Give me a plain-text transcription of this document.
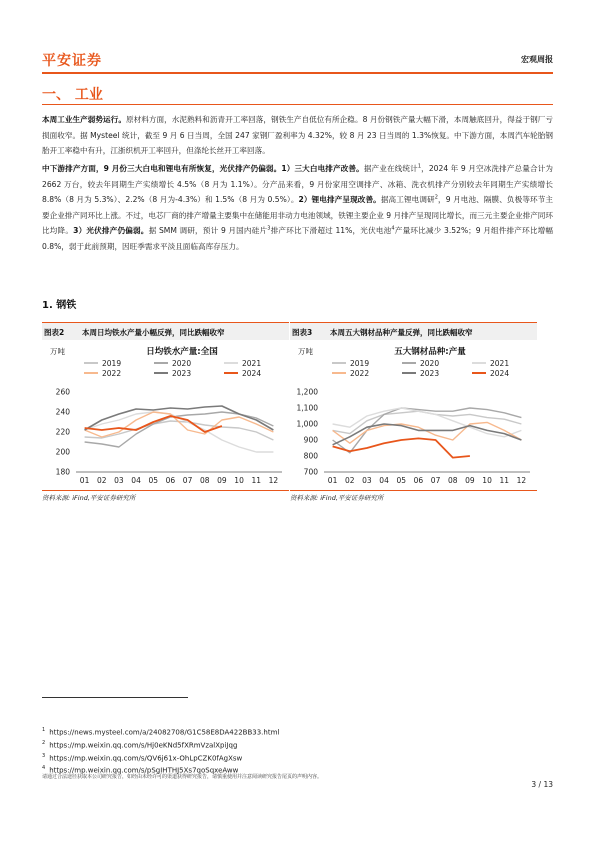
平安证券	宏观周报
一、 工业
本周工业生产弱势运行。原材料方面，水泥熟料和沥青开工率回落，钢铁生产自低位有所企稳。8 月份钢铁产量大幅下滑，本周触底回升，得益于钢厂亏损面收窄。据 Mysteel 统计，截至 9 月 6 日当周，全国 247 家钢厂盈利率为 4.32%，较 8 月 23 日当周的 1.3%恢复。中下游方面，本周汽车轮胎钢胎开工率稳中有升，江浙织机开工率回升，但涤纶长丝开工率回落。
中下游排产方面，9 月份三大白电和锂电有所恢复，光伏排产仍偏弱。1）三大白电排产改善。据产业在线统计$^1$，2024 年 9 月空冰洗排产总量合计为 2662 万台，较去年同期生产实绩增长 4.5%（8 月为 1.1%）。分产品来看，9 月份家用空调排产、冰箱、洗衣机排产分别较去年同期生产实绩增长 8.8%（8 月为 5.3%）、2.2%（8 月为-4.3%）和 1.5%（8 月为 0.5%）。2）锂电排产呈现改善。据高工锂电调研$^2$，9 月电池、隔膜、负极等环节主要企业排产同环比上涨。不过，电芯厂商的排产增量主要集中在储能用非动力电池领域，铁锂主要企业 9 月排产呈现同比增长，而三元主要企业排产同环比均降。3）光伏排产仍偏弱。据 SMM 调研，预计 9 月国内硅片$^3$排产环比下滑超过 11%，光伏电池$^4$产量环比减少 3.52%；9 月组件排产环比增幅 0.8%，弱于此前预期，因旺季需求平淡且面临高库存压力。
1. 钢铁
图表2 本周日均铁水产量小幅反弹，同比跌幅收窄
万吨	日均铁水产量:全国
2019	2020	2021
2022	2023	2024
180
200
220
240
260
01 02 03 04 05 06 07 08 09 10 11 12
资料来源: iFind,平安证券研究所
图表3 本周五大钢材品种产量反弹，同比跌幅收窄
万吨	五大钢材品种:产量
2019	2020	2021
2022	2023	2024
700
800
900
1,000
1,100
1,200
01 02 03 04 05 06 07 08 09 10 11 12
资料来源: iFind,平安证券研究所
$^1$ https://news.mysteel.com/a/24082708/G1C58E8DA422BB33.html
$^2$ https://mp.weixin.qq.com/s/Hj0eKNd5fXRmVzalXpiJqg
$^3$ https://mp.weixin.qq.com/s/QV6j61x-OhLpCZK0fAgXsw
$^4$ https://mp.weixin.qq.com/s/pSgIHTHJ5Xs7qoSqxeAww
请通过合法途径获取本公司研究报告，如经由未经许可的渠道获得研究报告，请慎重使用并注意阅读研究报告尾页的声明内容。
3 / 13
